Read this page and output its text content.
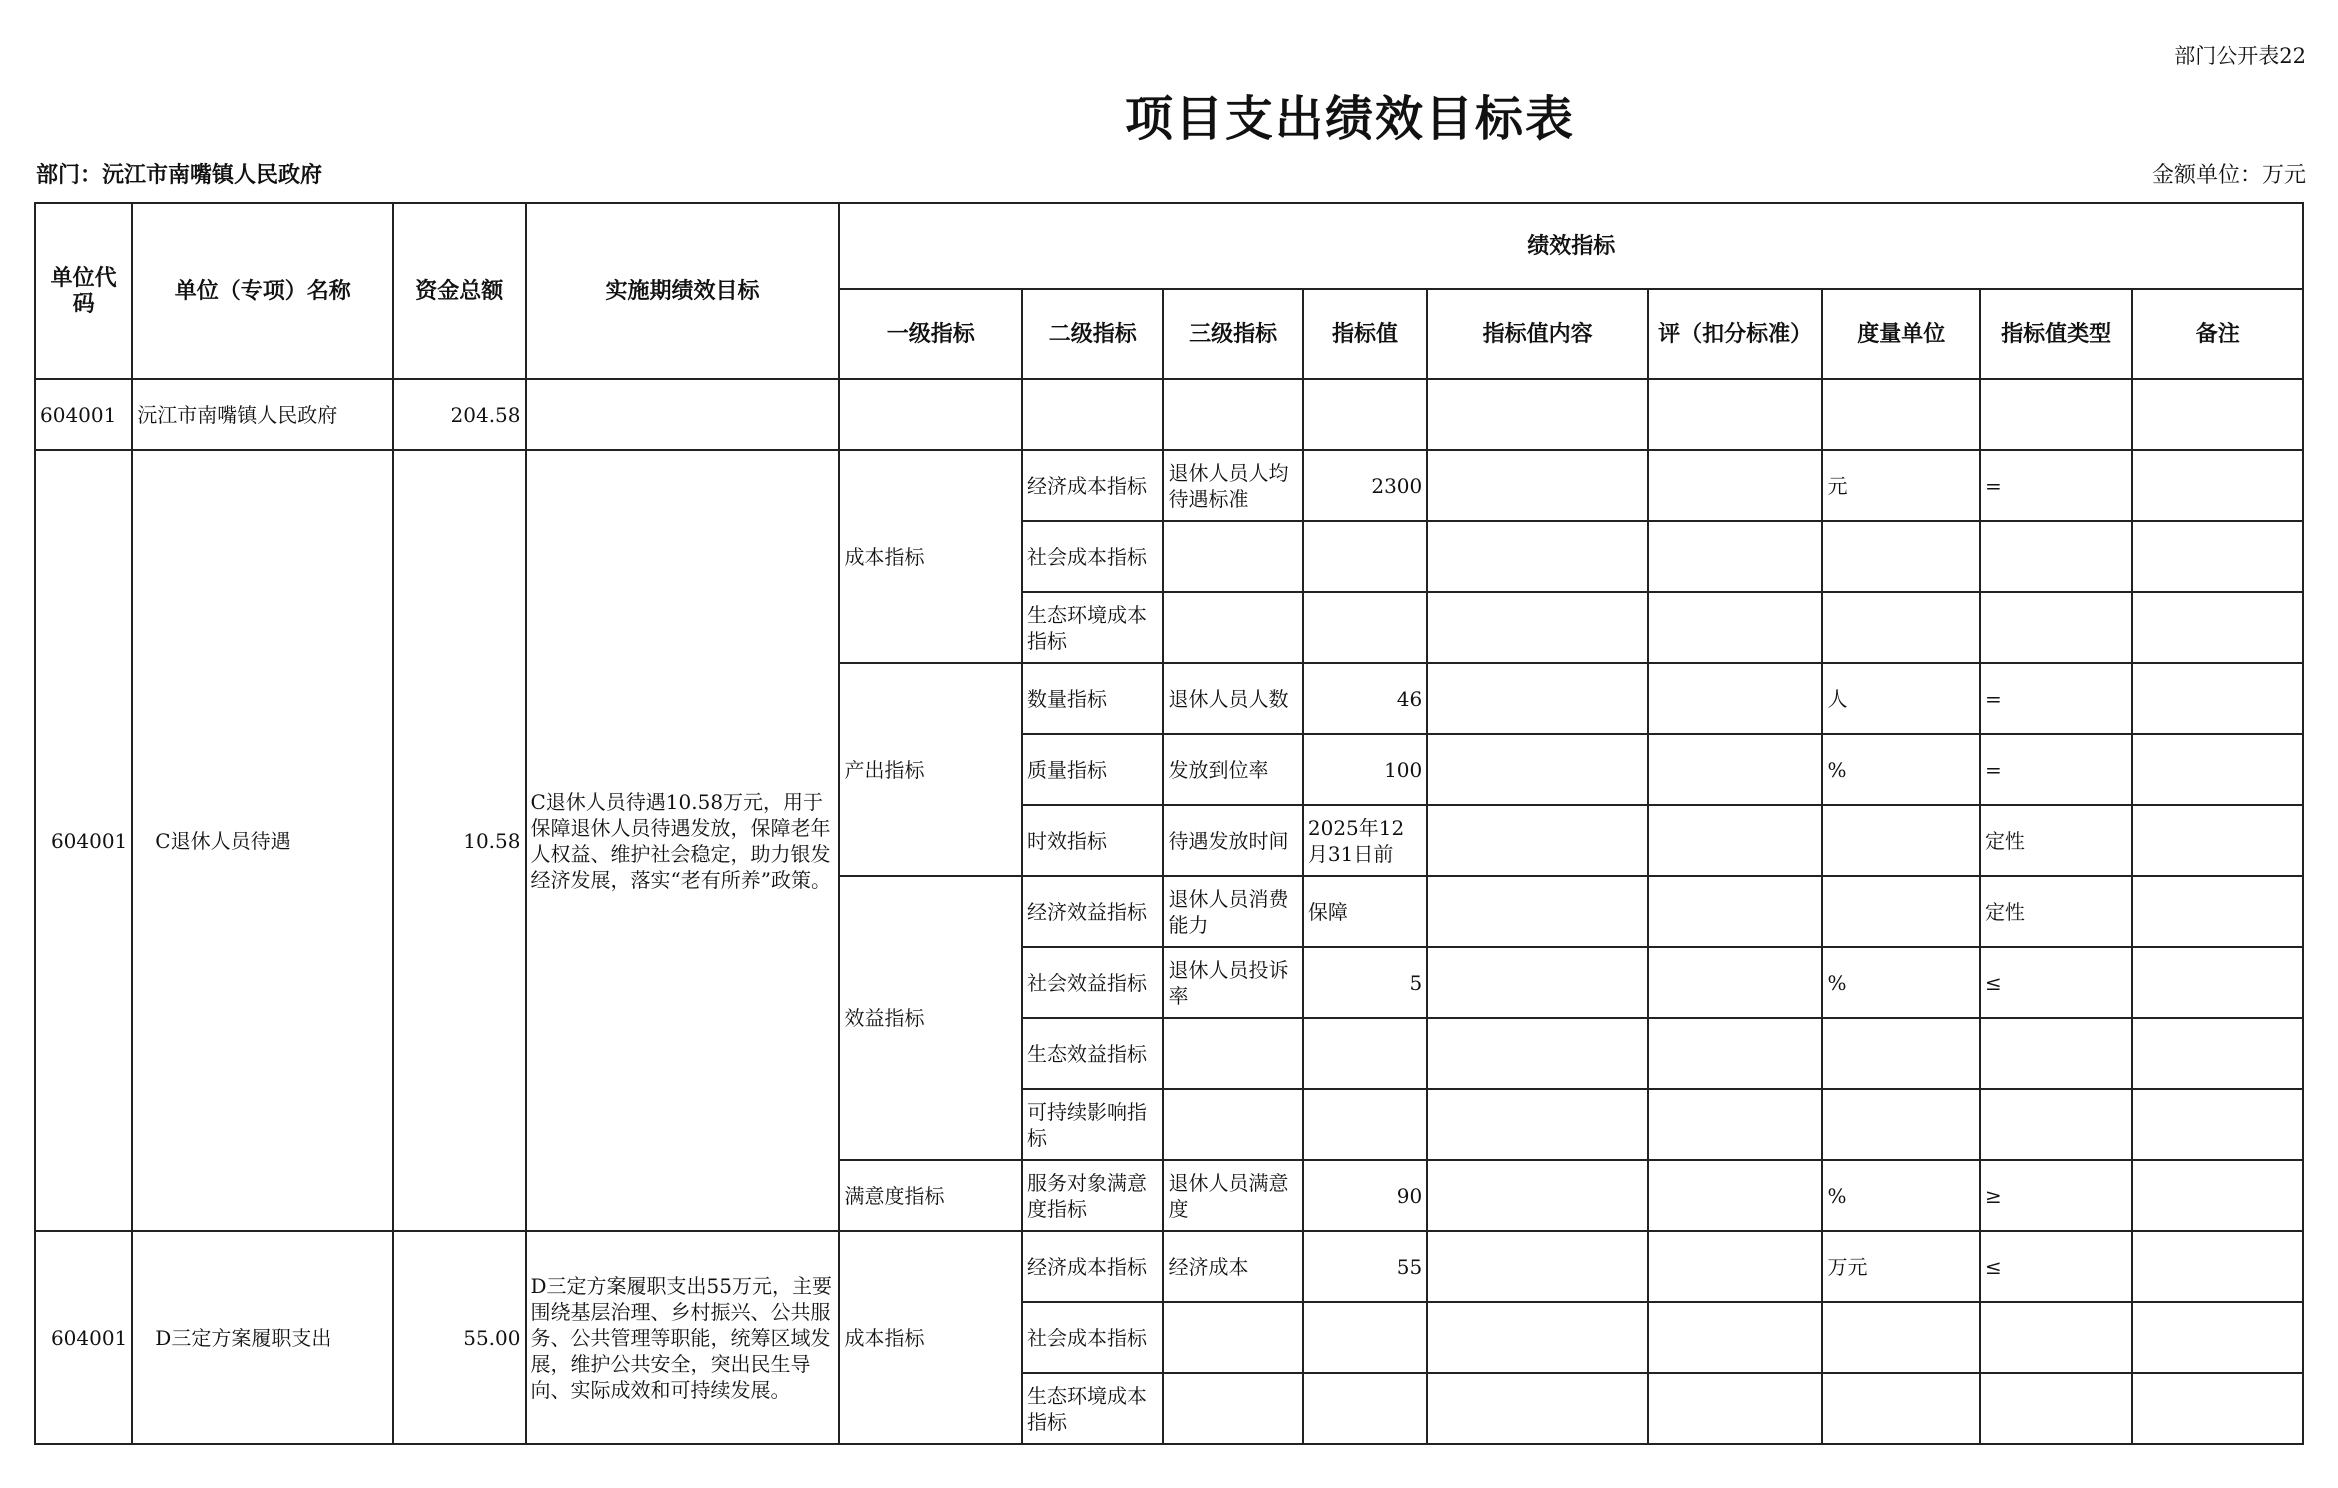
部门公开表22
项目支出绩效目标表
部门：沅江市南嘴镇人民政府	金额单位：万元
单位代码	单位（专项）名称	资金总额	实施期绩效目标	绩效指标								
				一级指标	二级指标	三级指标	指标值	指标值内容	评（扣分标准）	度量单位	指标值类型	备注
604001	沅江市南嘴镇人民政府	204.58										
604001	C退休人员待遇	10.58	C退休人员待遇10.58万元，用于保障退休人员待遇发放，保障老年人权益、维护社会稳定，助力银发经济发展，落实“老有所养”政策。	成本指标	经济成本指标	退休人员人均待遇标准	2300			元	=	
					社会成本指标							
					生态环境成本指标							
				产出指标	数量指标	退休人员人数	46			人	=	
					质量指标	发放到位率	100			%	=	
					时效指标	待遇发放时间	2025年12月31日前				定性	
				效益指标	经济效益指标	退休人员消费能力	保障				定性	
					社会效益指标	退休人员投诉率	5			%	≤	
					生态效益指标							
					可持续影响指标							
				满意度指标	服务对象满意度指标	退休人员满意度	90			%	≥	
604001	D三定方案履职支出	55.00	D三定方案履职支出55万元，主要围绕基层治理、乡村振兴、公共服务、公共管理等职能，统筹区域发展，维护公共安全，突出民生导向、实际成效和可持续发展。	成本指标	经济成本指标	经济成本	55			万元	≤	
					社会成本指标							
					生态环境成本指标							
